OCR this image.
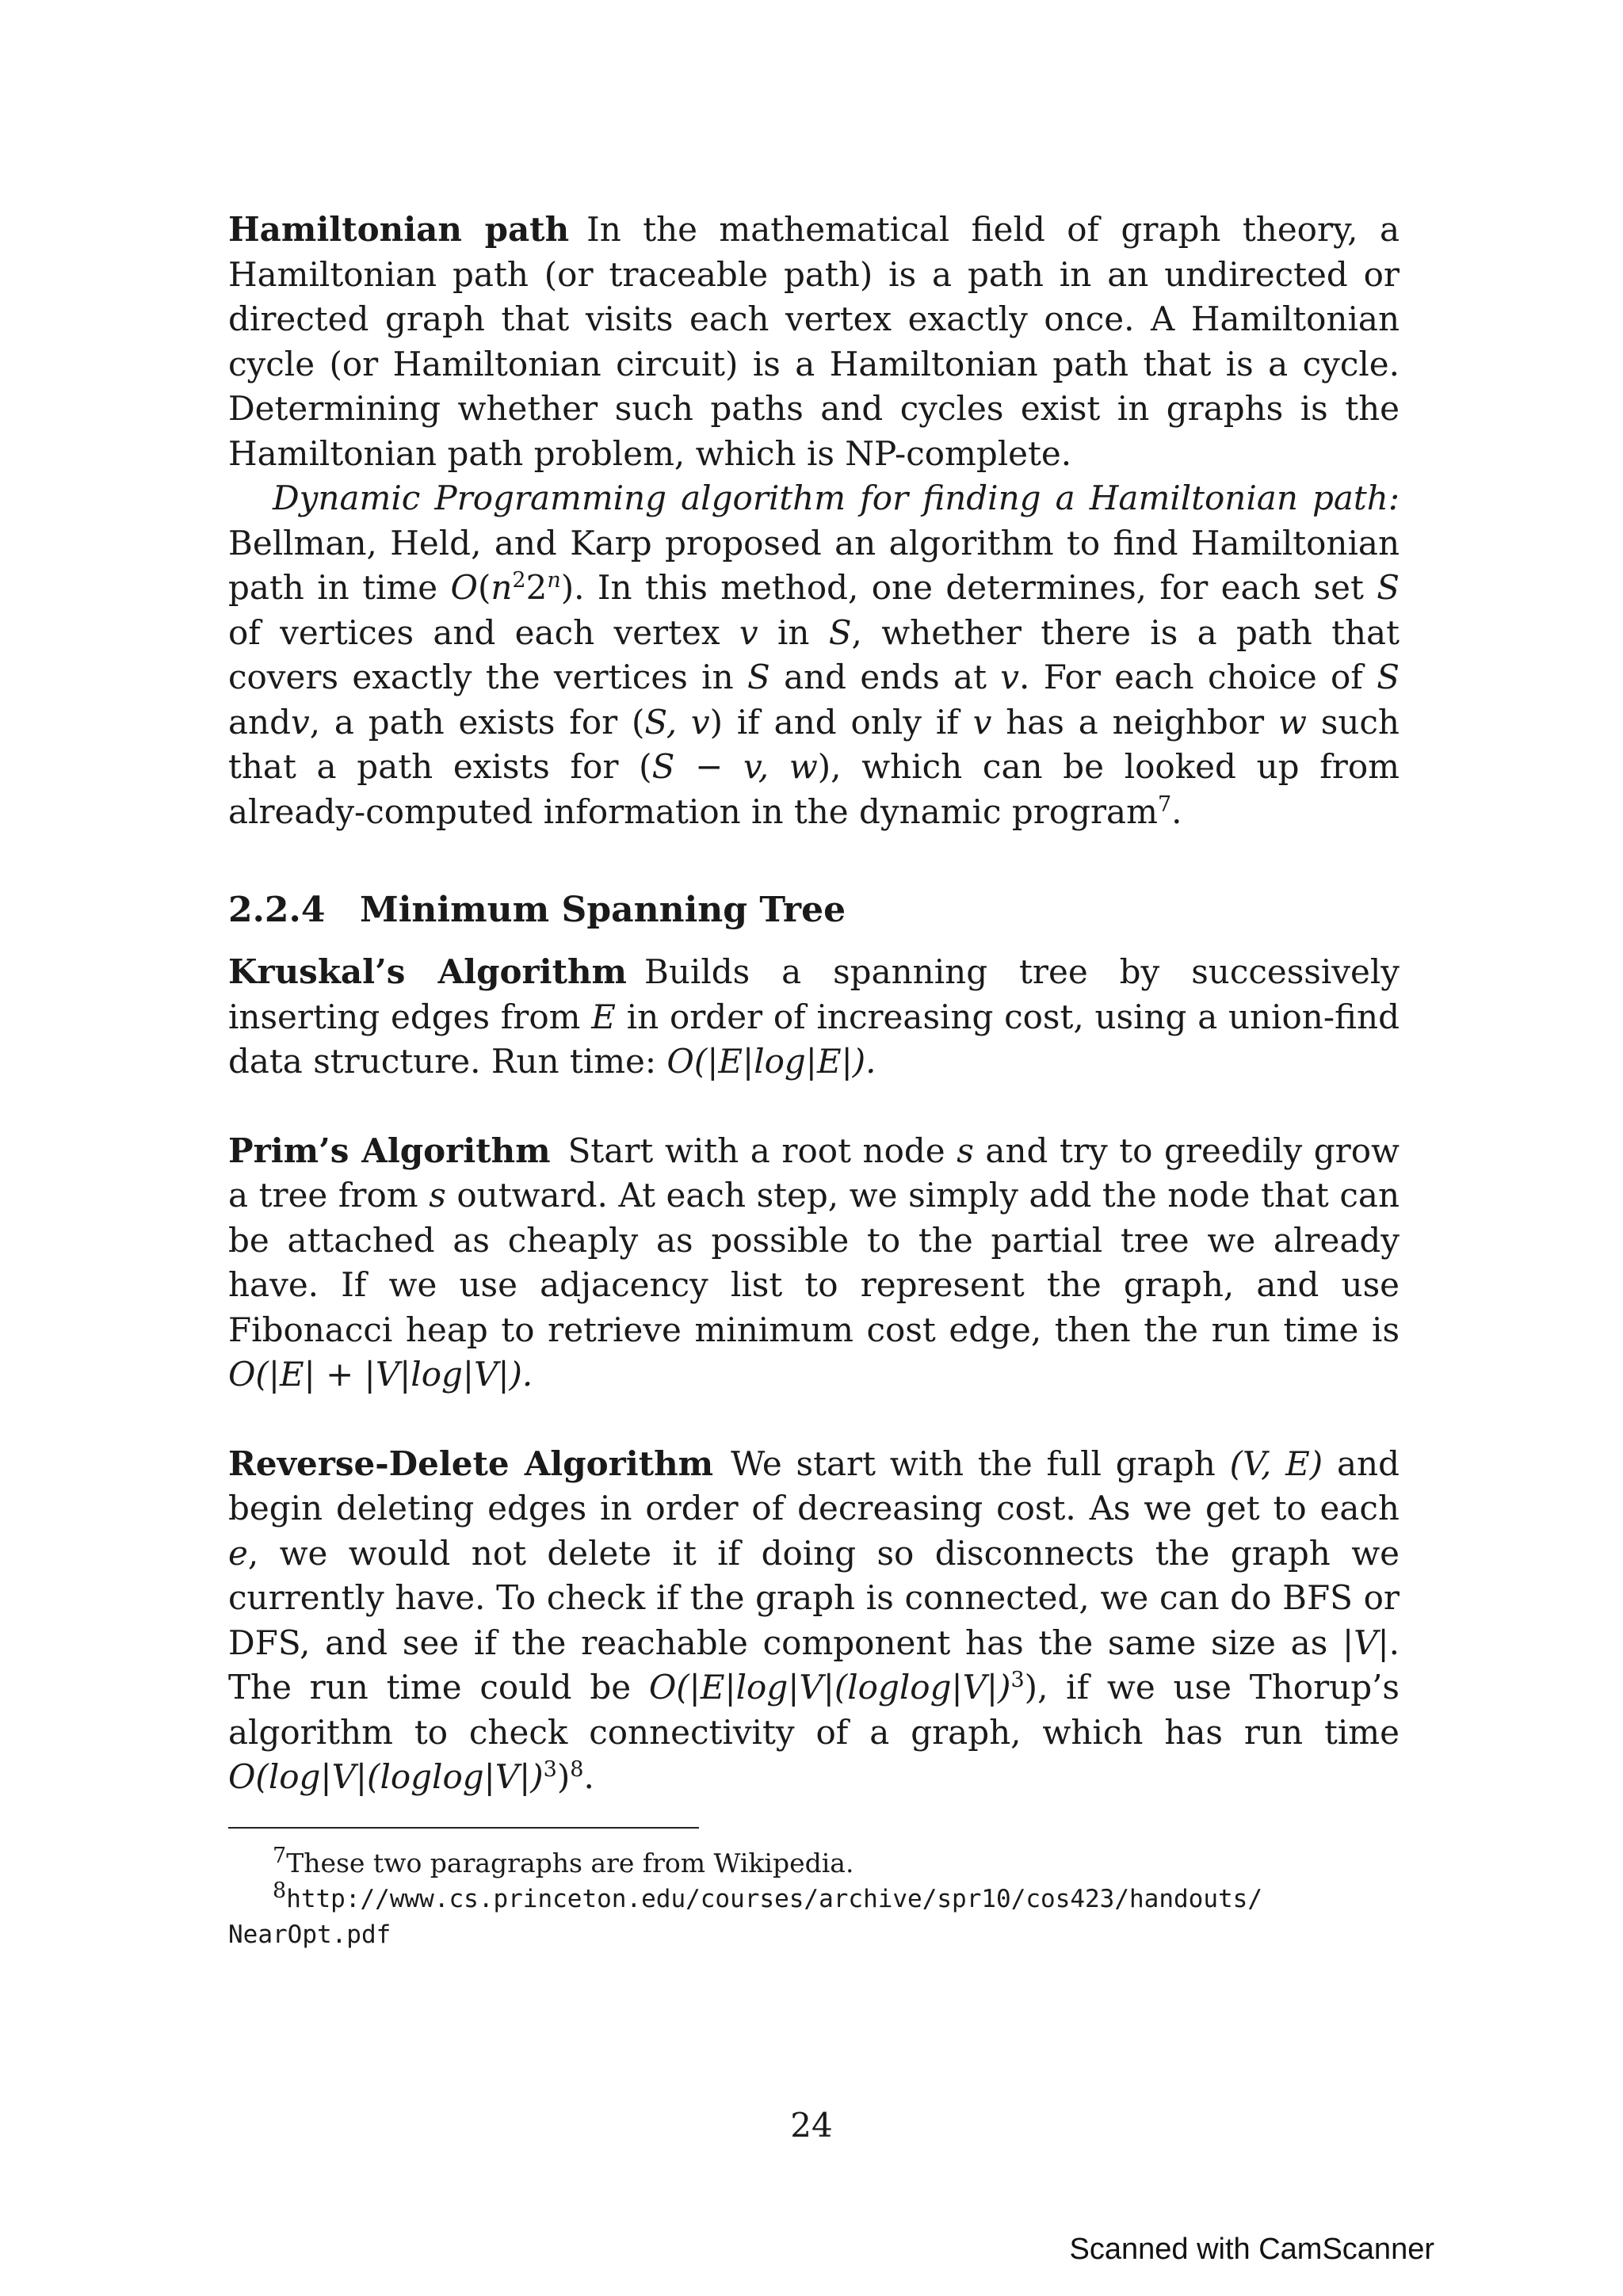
Hamiltonian path In the mathematical field of graph theory, a Hamiltonian path (or traceable path) is a path in an undirected or directed graph that visits each vertex exactly once. A Hamiltonian cycle (or Hamiltonian circuit) is a Hamiltonian path that is a cycle. Determining whether such paths and cycles exist in graphs is the Hamiltonian path problem, which is NP-complete.

Dynamic Programming algorithm for finding a Hamiltonian path: Bellman, Held, and Karp proposed an algorithm to find Hamiltonian path in time $O(n^22^n)$. In this method, one determines, for each set S of vertices and each vertex v in S, whether there is a path that covers exactly the vertices in S and ends at v. For each choice of S andv, a path exists for (S, v) if and only if v has a neighbor w such that a path exists for (S − v, w), which can be looked up from already-computed information in the dynamic program$^7$.

2.2.4 Minimum Spanning Tree

Kruskal’s Algorithm Builds a spanning tree by successively inserting edges from E in order of increasing cost, using a union-find data structure. Run time: O(|E|log|E|).

Prim’s Algorithm Start with a root node s and try to greedily grow a tree from s outward. At each step, we simply add the node that can be attached as cheaply as possible to the partial tree we already have. If we use adjacency list to represent the graph, and use Fibonacci heap to retrieve minimum cost edge, then the run time is O(|E| + |V|log|V|).

Reverse-Delete Algorithm We start with the full graph (V, E) and begin deleting edges in order of decreasing cost. As we get to each e, we would not delete it if doing so disconnects the graph we currently have. To check if the graph is connected, we can do BFS or DFS, and see if the reachable component has the same size as |V|. The run time could be $O(|E|\log|V|(loglog|V|)^3)$, if we use Thorup’s algorithm to check connectivity of a graph, which has run time $O(\log|V|(loglog|V|)^3)^8$.

$^7$These two paragraphs are from Wikipedia.

$^8$http://www.cs.princeton.edu/courses/archive/spr10/cos423/handouts/
NearOpt.pdf

24
Scanned with CamScanner
